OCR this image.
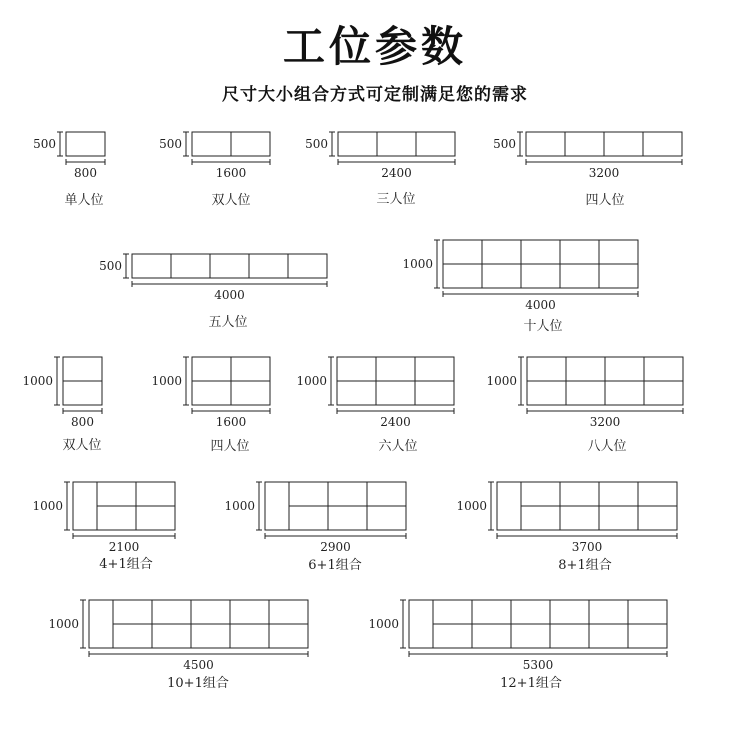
工位参数
尺寸大小组合方式可定制满足您的需求
800
500
单人位
1600
500
双人位
2400
500
三人位
3200
500
四人位
4000
500
五人位
4000
1000
十人位
800
1000
双人位
1600
1000
四人位
2400
1000
六人位
3200
1000
八人位
2100
1000
4+1组合
2900
1000
6+1组合
3700
1000
8+1组合
4500
1000
10+1组合
5300
1000
12+1组合
